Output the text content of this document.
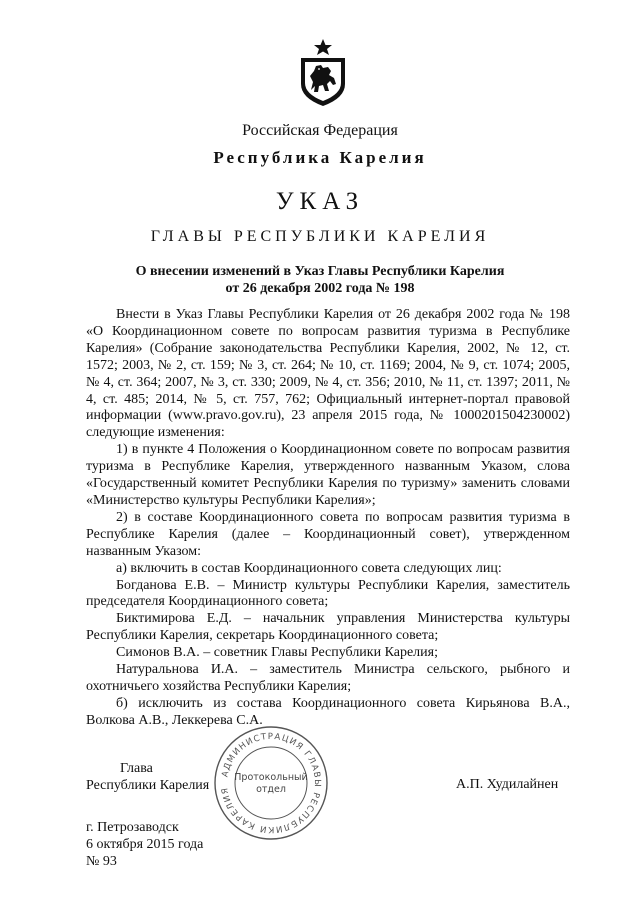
Российская Федерация
Республика Карелия
УКАЗ
ГЛАВЫ РЕСПУБЛИКИ КАРЕЛИЯ
О внесении изменений в Указ Главы Республики Карелия
от 26 декабря 2002 года № 198

Внести в Указ Главы Республики Карелия от 26 декабря 2002 года № 198 «О Координационном совете по вопросам развития туризма в Республике Карелия» (Собрание законодательства Республики Карелия, 2002, № 12, ст. 1572; 2003, № 2, ст. 159; № 3, ст. 264; № 10, ст. 1169; 2004, № 9, ст. 1074; 2005, № 4, ст. 364; 2007, № 3, ст. 330; 2009, № 4, ст. 356; 2010, № 11, ст. 1397; 2011, № 4, ст. 485; 2014, № 5, ст. 757, 762; Официальный интернет-портал правовой информации (www.pravo.gov.ru), 23 апреля 2015 года, № 1000201504230002) следующие изменения:

1) в пункте 4 Положения о Координационном совете по вопросам развития туризма в Республике Карелия, утвержденного названным Указом, слова «Государственный комитет Республики Карелия по туризму» заменить словами «Министерство культуры Республики Карелия»;

2) в составе Координационного совета по вопросам развития туризма в Республике Карелия (далее – Координационный совет), утвержденном названным Указом:

а) включить в состав Координационного совета следующих лиц:

Богданова Е.В. – Министр культуры Республики Карелия, заместитель председателя Координационного совета;

Биктимирова Е.Д. – начальник управления Министерства культуры Республики Карелия, секретарь Координационного совета;

Симонов В.А. – советник Главы Республики Карелия;

Натуральнова И.А. – заместитель Министра сельского, рыбного и охотничьего хозяйства Республики Карелия;

б) исключить из состава Координационного совета Кирьянова В.А., Волкова А.В., Леккерева С.А.

Глава
Республики Карелия
АДМИНИСТРАЦИЯ ГЛАВЫ РЕСПУБЛИКИ КАРЕЛИЯ
Протокольный
отдел	А.П. Худилайнен
г. Петрозаводск
6 октября 2015 года
№ 93
